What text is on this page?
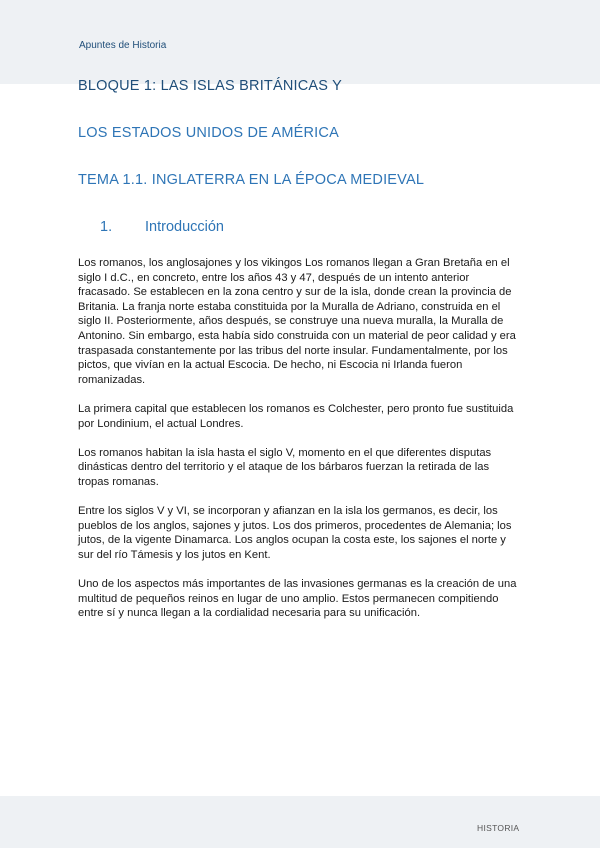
Apuntes de Historia
BLOQUE 1: LAS ISLAS BRITÁNICAS Y
LOS ESTADOS UNIDOS DE AMÉRICA
TEMA 1.1. INGLATERRA EN LA ÉPOCA MEDIEVAL
1. Introducción

Los romanos, los anglosajones y los vikingos Los romanos llegan a Gran Bretaña en el siglo I d.C., en concreto, entre los años 43 y 47, después de un intento anterior fracasado. Se establecen en la zona centro y sur de la isla, donde crean la provincia de Britania. La franja norte estaba constituida por la Muralla de Adriano, construida en el siglo II. Posteriormente, años después, se construye una nueva muralla, la Muralla de Antonino. Sin embargo, esta había sido construida con un material de peor calidad y era traspasada constantemente por las tribus del norte insular. Fundamentalmente, por los pictos, que vivían en la actual Escocia. De hecho, ni Escocia ni Irlanda fueron romanizadas.

La primera capital que establecen los romanos es Colchester, pero pronto fue sustituida por Londinium, el actual Londres.

Los romanos habitan la isla hasta el siglo V, momento en el que diferentes disputas dinásticas dentro del territorio y el ataque de los bárbaros fuerzan la retirada de las tropas romanas.

Entre los siglos V y VI, se incorporan y afianzan en la isla los germanos, es decir, los pueblos de los anglos, sajones y jutos. Los dos primeros, procedentes de Alemania; los jutos, de la vigente Dinamarca. Los anglos ocupan la costa este, los sajones el norte y sur del río Támesis y los jutos en Kent.

Uno de los aspectos más importantes de las invasiones germanas es la creación de una multitud de pequeños reinos en lugar de uno amplio. Estos permanecen compitiendo entre sí y nunca llegan a la cordialidad necesaria para su unificación.

HISTORIA
